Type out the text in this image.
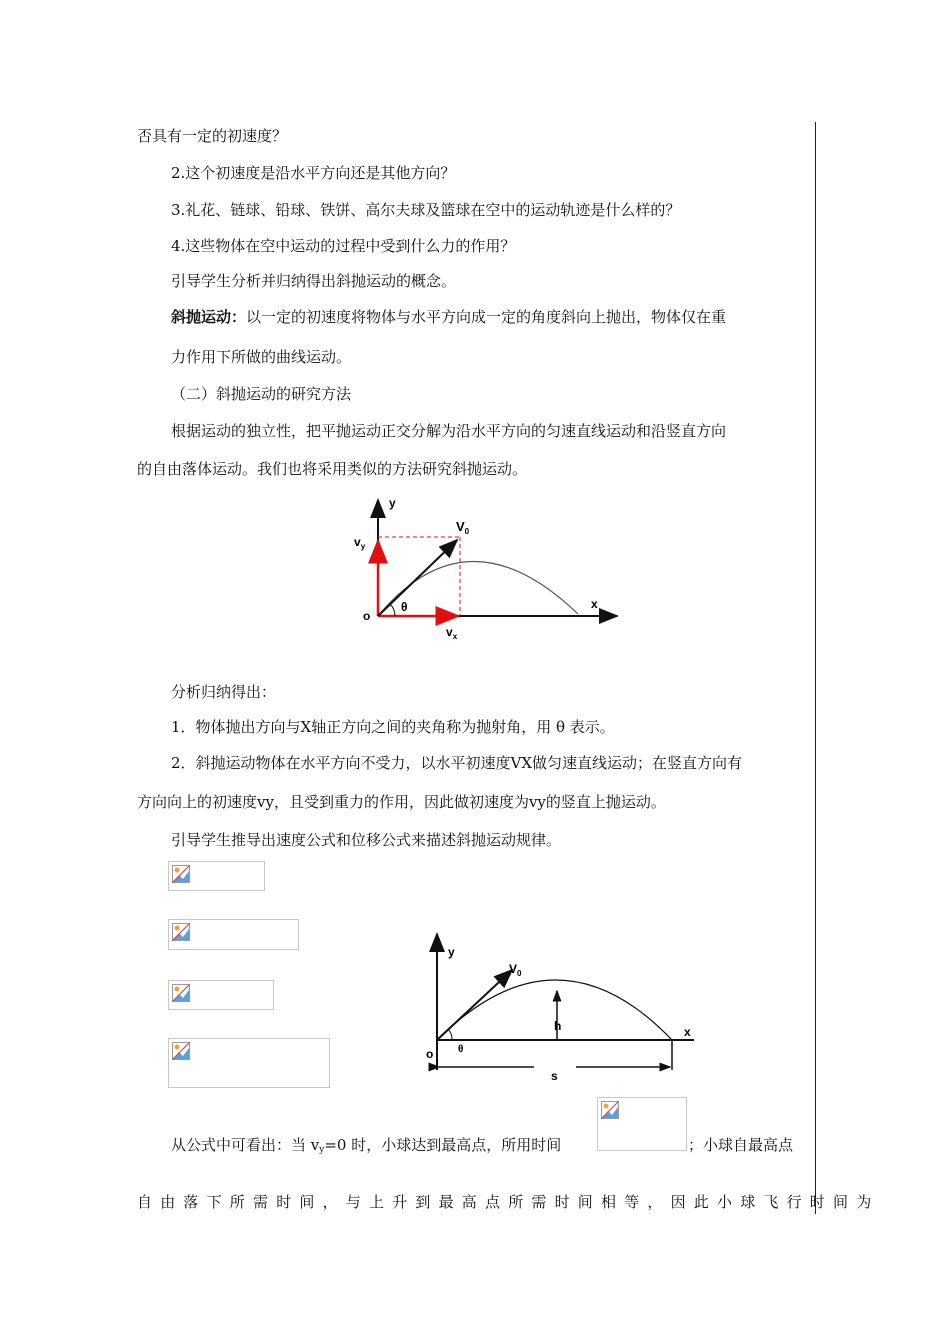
否具有一定的初速度？
2.这个初速度是沿水平方向还是其他方向？
3.礼花、链球、铅球、铁饼、高尔夫球及篮球在空中的运动轨迹是什么样的？
4.这些物体在空中运动的过程中受到什么力的作用？
引导学生分析并归纳得出斜抛运动的概念。
斜抛运动：以一定的初速度将物体与水平方向成一定的角度斜向上抛出，物体仅在重
力作用下所做的曲线运动。
（二）斜抛运动的研究方法
根据运动的独立性，把平抛运动正交分解为沿水平方向的匀速直线运动和沿竖直方向
的自由落体运动。我们也将采用类似的方法研究斜抛运动。
y
x
$V_0$
$v_y$
$v_x$
o
θ
分析归纳得出：
1．物体抛出方向与X轴正方向之间的夹角称为抛射角，用 θ 表示。
2．斜抛运动物体在水平方向不受力，以水平初速度VX做匀速直线运动；在竖直方向有
方向向上的初速度vy，且受到重力的作用，因此做初速度为vy的竖直上抛运动。
引导学生推导出速度公式和位移公式来描述斜抛运动规律。
y
x
$V_0$
o θ
h
s
从公式中可看出：当 $v_y=0$ 时，小球达到最高点，所用时间	；小球自最高点
自由落下所需时间，与上升到最高点所需时间相等，因此小球飞行时间为
